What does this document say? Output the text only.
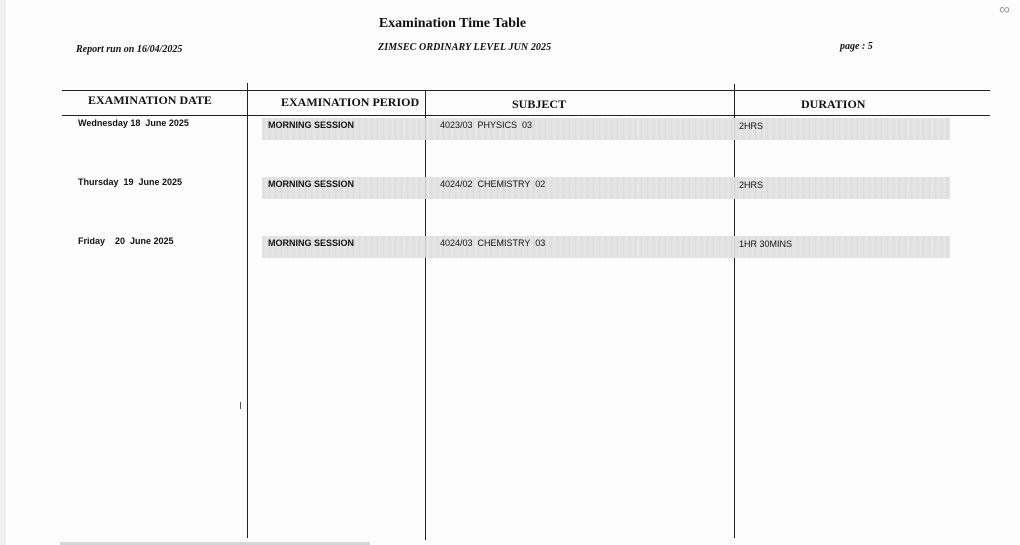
∞
Examination Time Table
Report run on 16/04/2025	ZIMSEC ORDINARY LEVEL JUN 2025	page : 5
EXAMINATION DATE	EXAMINATION PERIOD	SUBJECT	DURATION
Wednesday 18  June 2025	MORNING SESSION	4023/03  PHYSICS  03	2HRS
Thursday  19  June 2025	MORNING SESSION	4024/02  CHEMISTRY  02	2HRS
Friday    20  June 2025	MORNING SESSION	4024/03  CHEMISTRY  03	1HR 30MINS
